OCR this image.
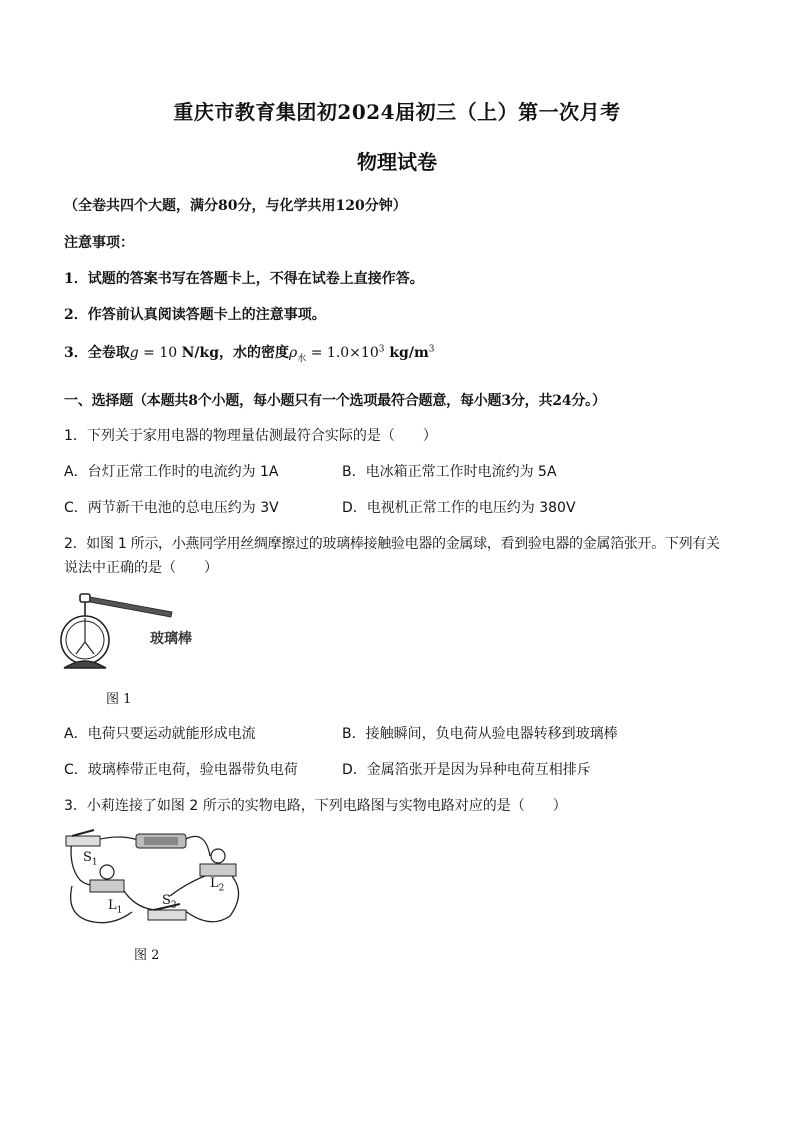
重庆市教育集团初2024届初三（上）第一次月考
物理试卷
（全卷共四个大题，满分80分，与化学共用120分钟）
注意事项：
1．试题的答案书写在答题卡上，不得在试卷上直接作答。
2．作答前认真阅读答题卡上的注意事项。
3．全卷取g = 10 N/kg，水的密度$\rho_水 = 1.0\times 10^3$ $kg/m^3$
一、选择题（本题共8个小题，每小题只有一个选项最符合题意，每小题3分，共24分。）
1．下列关于家用电器的物理量估测最符合实际的是（　　）
A．台灯正常工作时的电流约为 1A	B．电冰箱正常工作时电流约为 5A
C．两节新干电池的总电压约为 3V	D．电视机正常工作的电压约为 380V
2．如图 1 所示，小燕同学用丝绸摩擦过的玻璃棒接触验电器的金属球，看到验电器的金属箔张开。下列有关
说法中正确的是（　　）
玻璃棒
图 1
A．电荷只要运动就能形成电流	B．接触瞬间，负电荷从验电器转移到玻璃棒
C．玻璃棒带正电荷，验电器带负电荷	D．金属箔张开是因为异种电荷互相排斥
3．小莉连接了如图 2 所示的实物电路，下列电路图与实物电路对应的是（　　）
$S_1$
$L_1$
$L_2$
$S_2$
图 2
